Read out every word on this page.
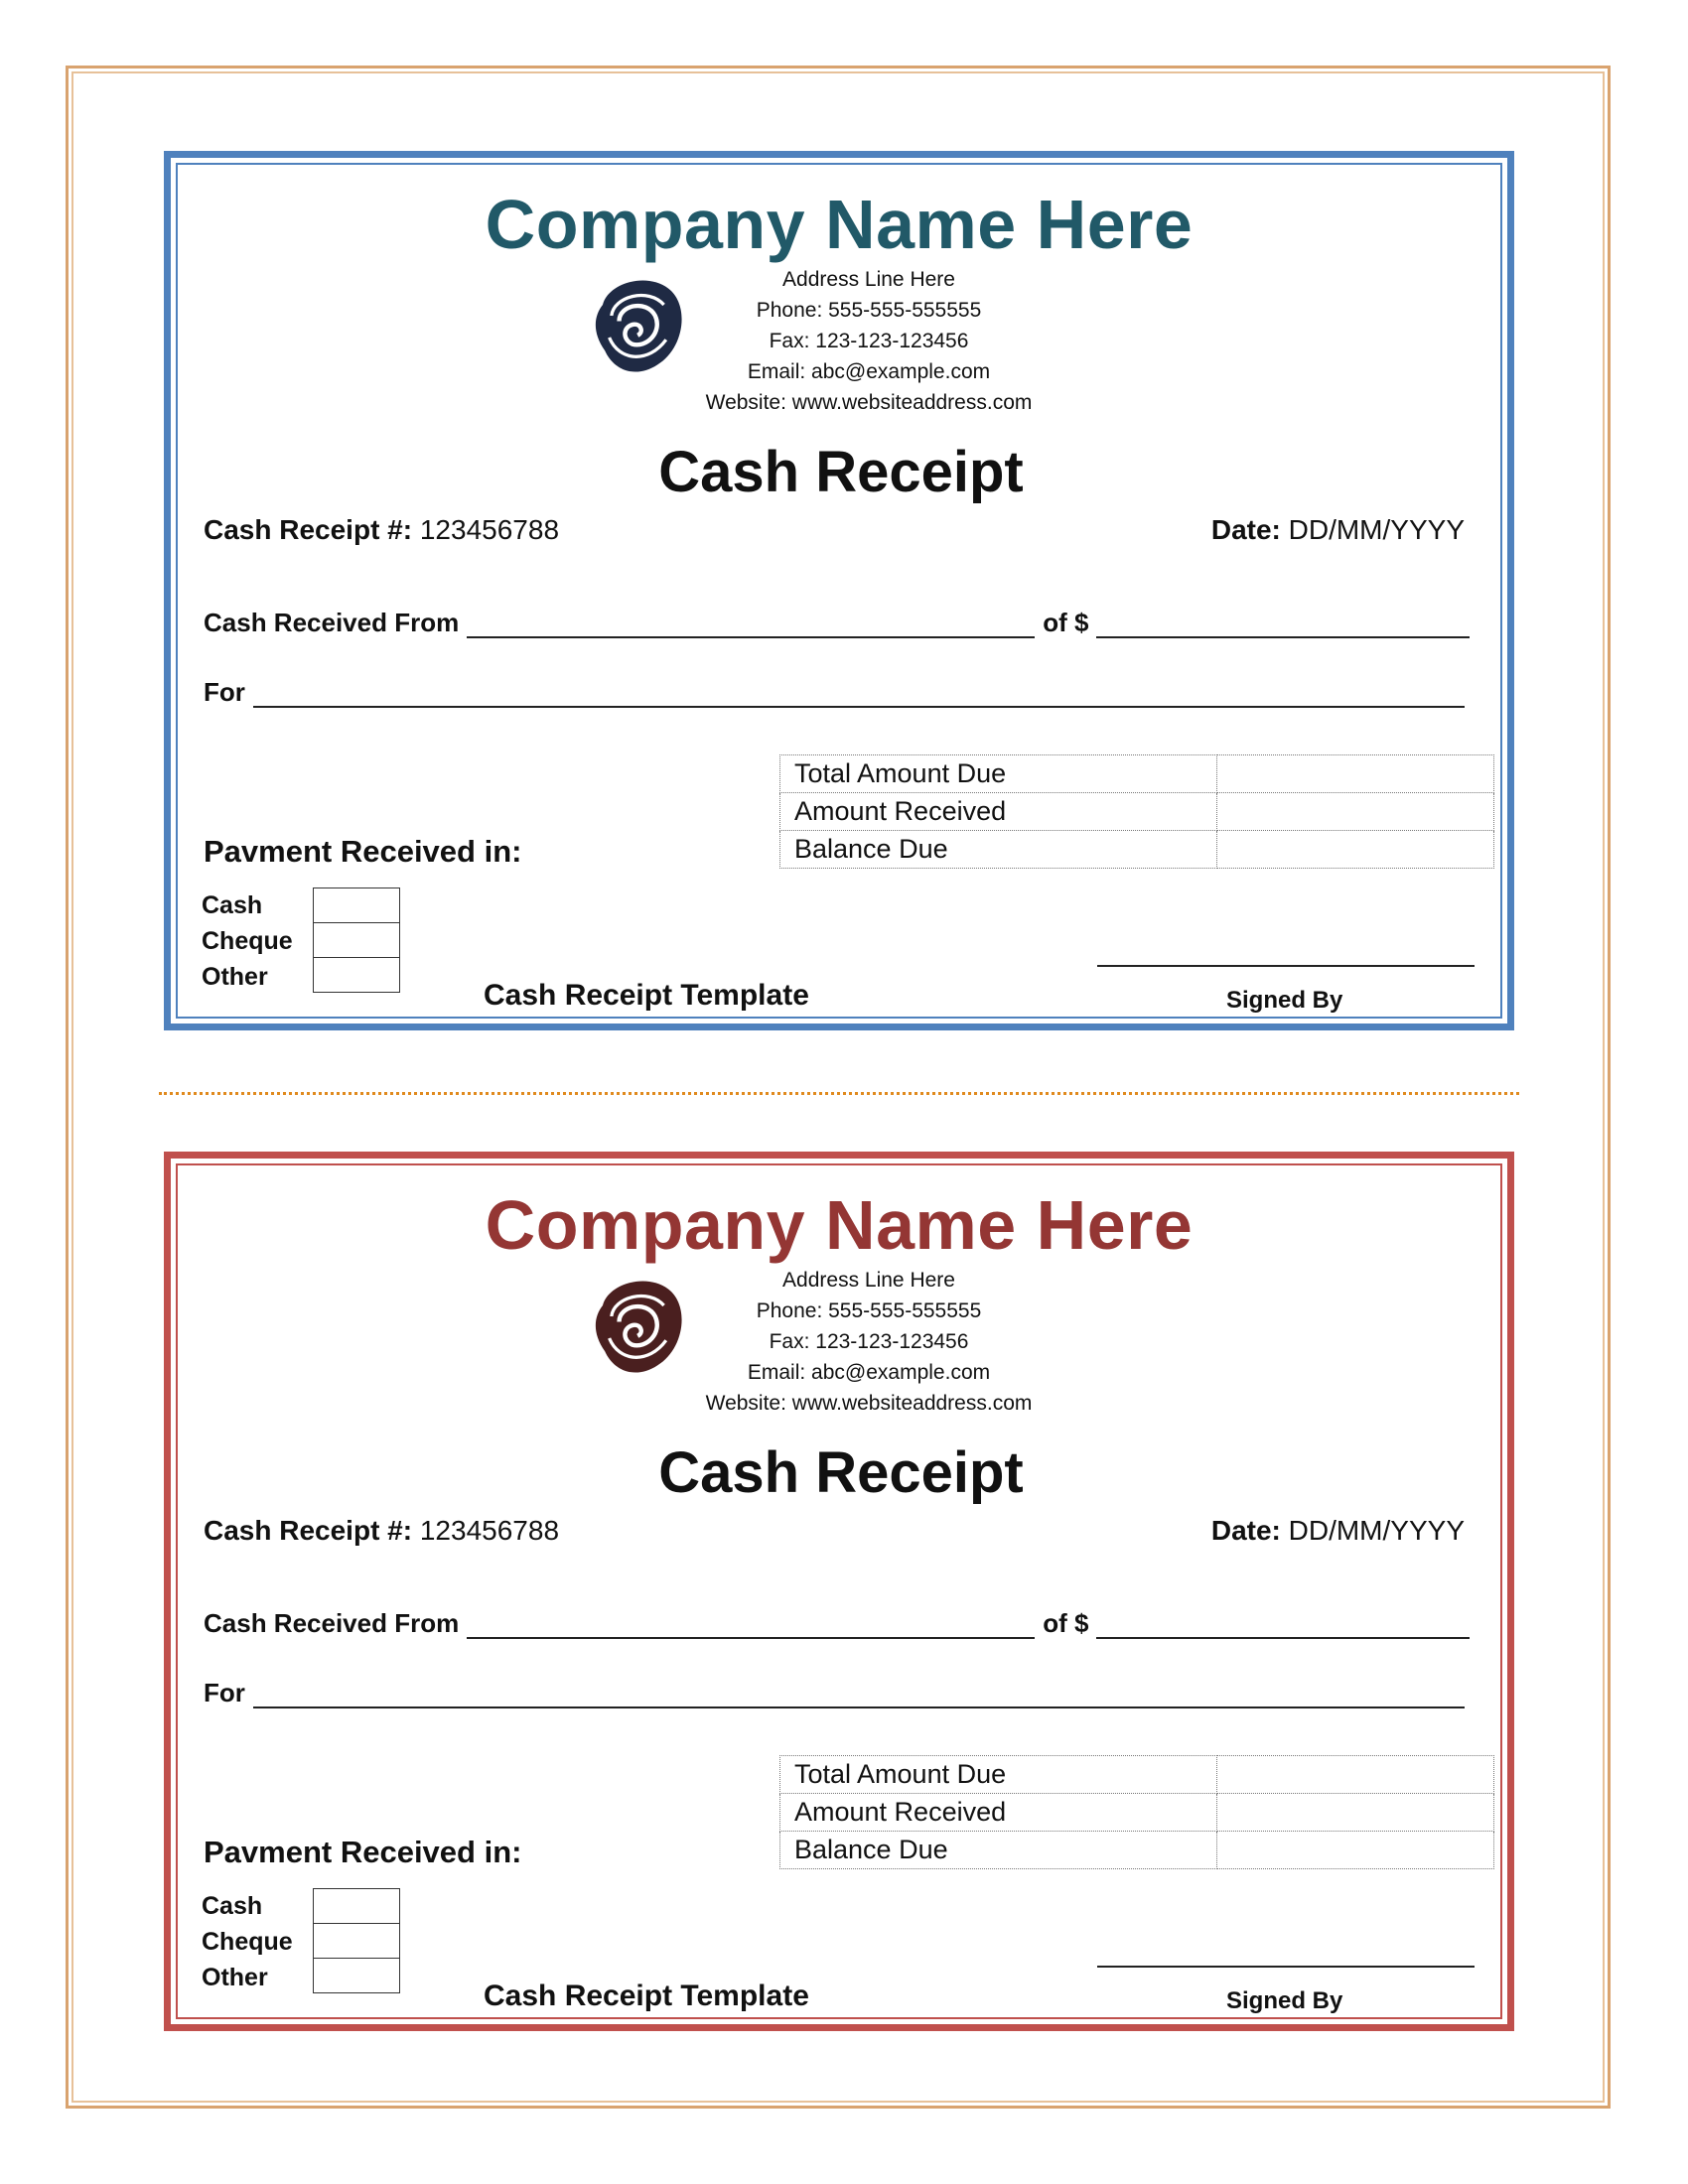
Company Name Here
Address Line Here
Phone: 555-555-555555
Fax: 123-123-123456
Email: abc@example.com
Website: www.websiteaddress.com
Cash Receipt
Cash Receipt #: 123456788	Date: DD/MM/YYYY
Cash Received From	of $
For
Total Amount Due	
Amount Received	
Balance Due	
Pavment Received in:
Cash
Cheque
Other
Cash Receipt Template	Signed By
Company Name Here
Address Line Here
Phone: 555-555-555555
Fax: 123-123-123456
Email: abc@example.com
Website: www.websiteaddress.com
Cash Receipt
Cash Receipt #: 123456788	Date: DD/MM/YYYY
Cash Received From	of $
For
Total Amount Due	
Amount Received	
Balance Due	
Pavment Received in:
Cash
Cheque
Other
Cash Receipt Template	Signed By
